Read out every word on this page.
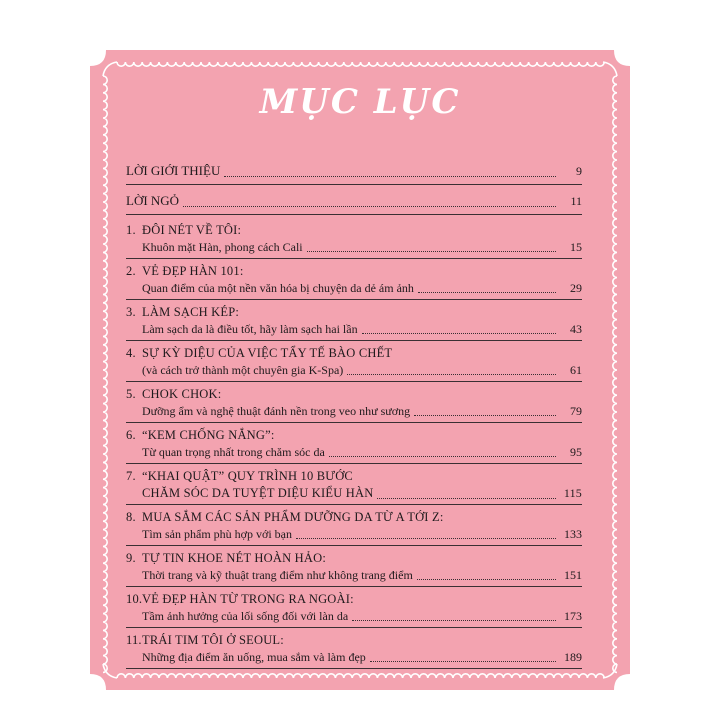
MỤC LỤC
LỜI GIỚI THIỆU	9
LỜI NGỎ	11
1. ĐÔI NÉT VỀ TÔI:
Khuôn mặt Hàn, phong cách Cali	15
2. VẺ ĐẸP HÀN 101:
Quan điểm của một nền văn hóa bị chuyện da dẻ ám ảnh	29
3. LÀM SẠCH KÉP:
Làm sạch da là điều tốt, hãy làm sạch hai lần	43
4. SỰ KỲ DIỆU CỦA VIỆC TẨY TẾ BÀO CHẾT
(và cách trở thành một chuyên gia K-Spa)	61
5. CHOK CHOK:
Dưỡng ẩm và nghệ thuật đánh nền trong veo như sương	79
6. “KEM CHỐNG NẮNG”:
Từ quan trọng nhất trong chăm sóc da	95
7. “KHAI QUẬT” QUY TRÌNH 10 BƯỚC
CHĂM SÓC DA TUYỆT DIỆU KIỂU HÀN	115
8. MUA SẮM CÁC SẢN PHẨM DƯỠNG DA TỪ A TỚI Z:
Tìm sản phẩm phù hợp với bạn	133
9. TỰ TIN KHOE NÉT HOÀN HẢO:
Thời trang và kỹ thuật trang điểm như không trang điểm	151
10.VẺ ĐẸP HÀN TỪ TRONG RA NGOÀI:
Tầm ảnh hưởng của lối sống đối với làn da	173
11.TRÁI TIM TÔI Ở SEOUL:
Những địa điểm ăn uống, mua sắm và làm đẹp	189
